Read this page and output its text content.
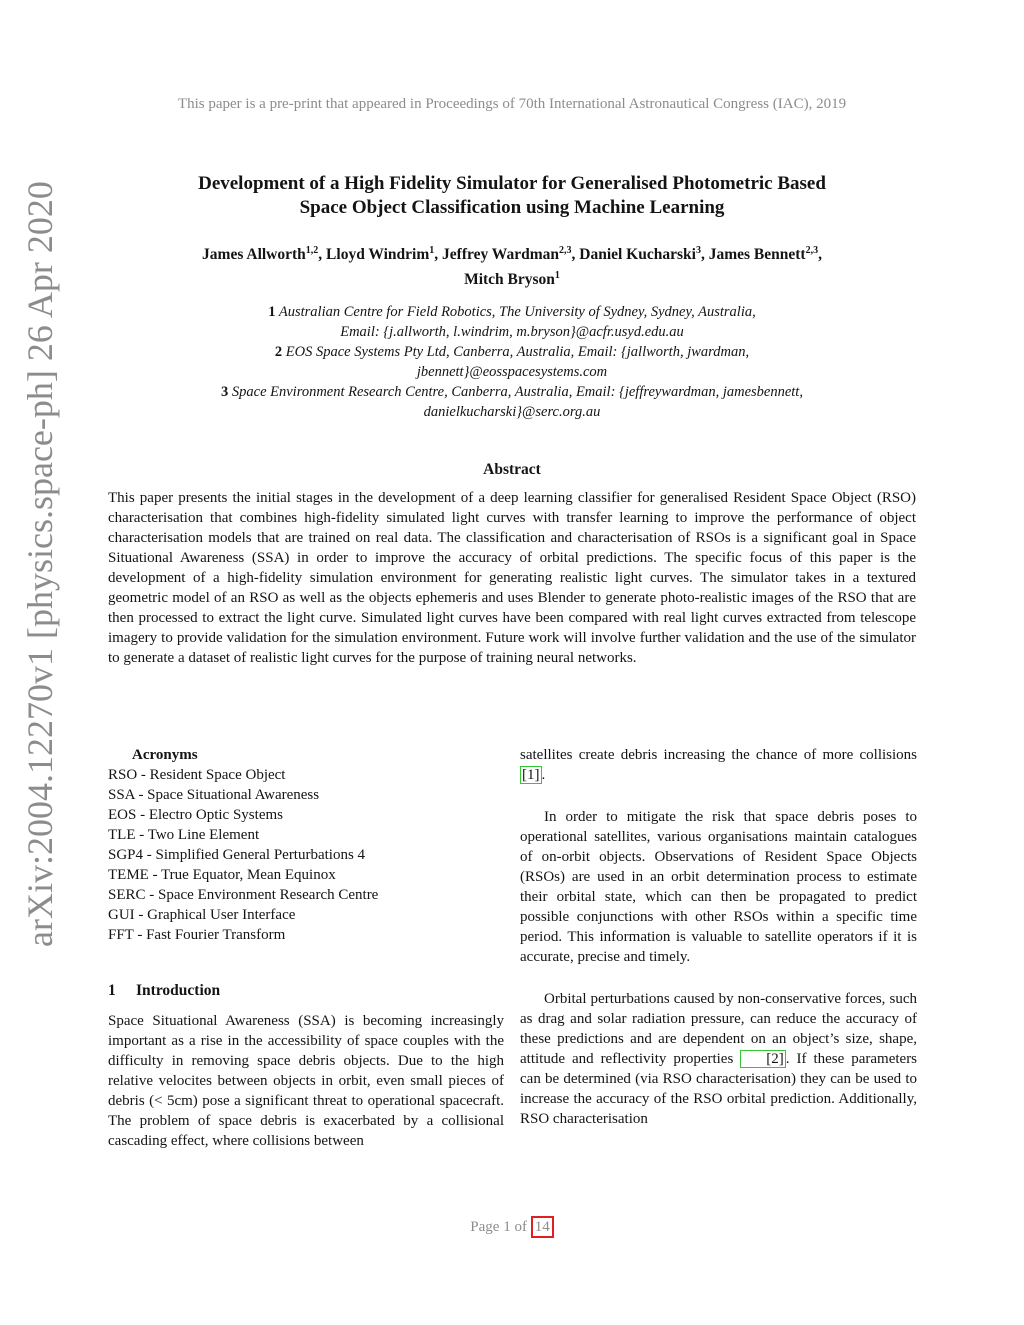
arXiv:2004.12270v1 [physics.space-ph] 26 Apr 2020
This paper is a pre-print that appeared in Proceedings of 70th International Astronautical Congress (IAC), 2019
Development of a High Fidelity Simulator for Generalised Photometric Based
Space Object Classification using Machine Learning
James Allworth$^{1,2}$, Lloyd Windrim$^1$, Jeffrey Wardman$^{2,3}$, Daniel Kucharski$^3$, James Bennett$^{2,3}$,
Mitch Bryson$^1$
1 Australian Centre for Field Robotics, The University of Sydney, Sydney, Australia,
Email: {j.allworth, l.windrim, m.bryson}@acfr.usyd.edu.au
2 EOS Space Systems Pty Ltd, Canberra, Australia, Email: {jallworth, jwardman,
jbennett}@eosspacesystems.com
3 Space Environment Research Centre, Canberra, Australia, Email: {jeffreywardman, jamesbennett,
danielkucharski}@serc.org.au
Abstract
This paper presents the initial stages in the development of a deep learning classifier for generalised Resident Space Object (RSO) characterisation that combines high-fidelity simulated light curves with transfer learning to improve the performance of object characterisation models that are trained on real data. The classification and characterisation of RSOs is a significant goal in Space Situational Awareness (SSA) in order to improve the accuracy of orbital predictions. The specific focus of this paper is the development of a high-fidelity simulation environment for generating realistic light curves. The simulator takes in a textured geometric model of an RSO as well as the objects ephemeris and uses Blender to generate photo-realistic images of the RSO that are then processed to extract the light curve. Simulated light curves have been compared with real light curves extracted from telescope imagery to provide validation for the simulation environment. Future work will involve further validation and the use of the simulator to generate a dataset of realistic light curves for the purpose of training neural networks.
Acronyms
RSO - Resident Space Object
SSA - Space Situational Awareness
EOS - Electro Optic Systems
TLE - Two Line Element
SGP4 - Simplified General Perturbations 4
TEME - True Equator, Mean Equinox
SERC - Space Environment Research Centre
GUI - Graphical User Interface
FFT - Fast Fourier Transform
1 Introduction
Space Situational Awareness (SSA) is becoming increasingly important as a rise in the accessibility of space couples with the difficulty in removing space debris objects. Due to the high relative velocites between objects in orbit, even small pieces of debris (< 5cm) pose a significant threat to operational spacecraft. The problem of space debris is exacerbated by a collisional cascading effect, where collisions between
satellites create debris increasing the chance of more collisions [1] .
In order to mitigate the risk that space debris poses to operational satellites, various organisations maintain catalogues of on-orbit objects. Observations of Resident Space Objects (RSOs) are used in an orbit determination process to estimate their orbital state, which can then be propagated to predict possible conjunctions with other RSOs within a specific time period. This information is valuable to satellite operators if it is accurate, precise and timely.
Orbital perturbations caused by non-conservative forces, such as drag and solar radiation pressure, can reduce the accuracy of these predictions and are dependent on an object’s size, shape, attitude and reflectivity properties [2] . If these parameters can be determined (via RSO characterisation) they can be used to increase the accuracy of the RSO orbital prediction. Additionally, RSO characterisation
Page 1 of 14
